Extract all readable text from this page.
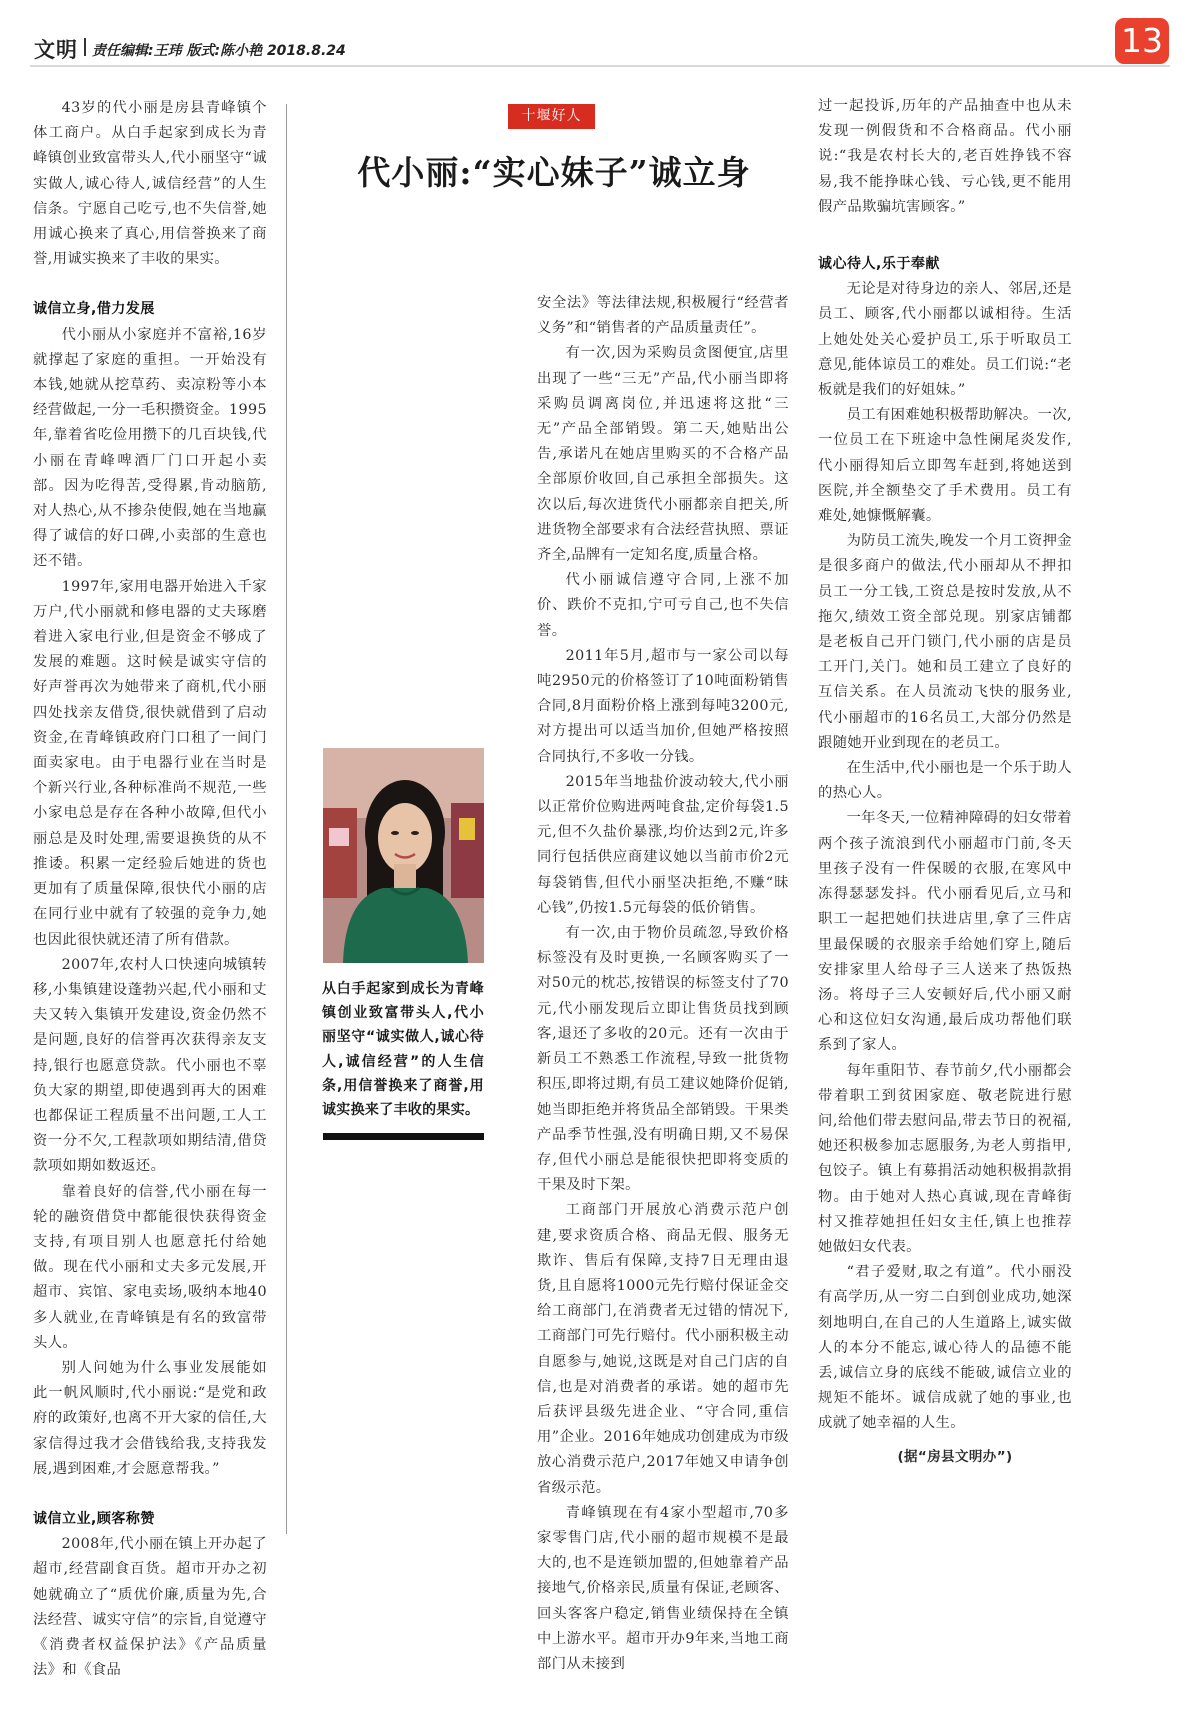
文明 责任编辑:王玮 版式:陈小艳 2018.8.24	13

43岁的代小丽是房县青峰镇个体工商户。从白手起家到成长为青峰镇创业致富带头人,代小丽坚守“诚实做人,诚心待人,诚信经营”的人生信条。宁愿自己吃亏,也不失信誉,她用诚心换来了真心,用信誉换来了商誉,用诚实换来了丰收的果实。

诚信立身,借力发展

代小丽从小家庭并不富裕,16岁就撑起了家庭的重担。一开始没有本钱,她就从挖草药、卖凉粉等小本经营做起,一分一毛积攒资金。1995年,靠着省吃俭用攒下的几百块钱,代小丽在青峰啤酒厂门口开起小卖部。因为吃得苦,受得累,肯动脑筋,对人热心,从不掺杂使假,她在当地赢得了诚信的好口碑,小卖部的生意也还不错。

1997年,家用电器开始进入千家万户,代小丽就和修电器的丈夫琢磨着进入家电行业,但是资金不够成了发展的难题。这时候是诚实守信的好声誉再次为她带来了商机,代小丽四处找亲友借贷,很快就借到了启动资金,在青峰镇政府门口租了一间门面卖家电。由于电器行业在当时是个新兴行业,各种标准尚不规范,一些小家电总是存在各种小故障,但代小丽总是及时处理,需要退换货的从不推诿。积累一定经验后她进的货也更加有了质量保障,很快代小丽的店在同行业中就有了较强的竞争力,她也因此很快就还清了所有借款。

2007年,农村人口快速向城镇转移,小集镇建设蓬勃兴起,代小丽和丈夫又转入集镇开发建设,资金仍然不是问题,良好的信誉再次获得亲友支持,银行也愿意贷款。代小丽也不辜负大家的期望,即使遇到再大的困难也都保证工程质量不出问题,工人工资一分不欠,工程款项如期结清,借贷款项如期如数返还。

靠着良好的信誉,代小丽在每一轮的融资借贷中都能很快获得资金支持,有项目别人也愿意托付给她做。现在代小丽和丈夫多元发展,开超市、宾馆、家电卖场,吸纳本地40多人就业,在青峰镇是有名的致富带头人。

别人问她为什么事业发展能如此一帆风顺时,代小丽说:“是党和政府的政策好,也离不开大家的信任,大家信得过我才会借钱给我,支持我发展,遇到困难,才会愿意帮我。”

诚信立业,顾客称赞

2008年,代小丽在镇上开办起了超市,经营副食百货。超市开办之初她就确立了“质优价廉,质量为先,合法经营、诚实守信”的宗旨,自觉遵守《消费者权益保护法》《产品质量法》和《食品

十堰好人
代小丽:“实心妹子”诚立身
从白手起家到成长为青峰镇创业致富带头人,代小丽坚守“诚实做人,诚心待人,诚信经营”的人生信条,用信誉换来了商誉,用诚实换来了丰收的果实。

安全法》等法律法规,积极履行“经营者义务”和“销售者的产品质量责任”。

有一次,因为采购员贪图便宜,店里出现了一些“三无”产品,代小丽当即将采购员调离岗位,并迅速将这批“三无”产品全部销毁。第二天,她贴出公告,承诺凡在她店里购买的不合格产品全部原价收回,自己承担全部损失。这次以后,每次进货代小丽都亲自把关,所进货物全部要求有合法经营执照、票证齐全,品牌有一定知名度,质量合格。

代小丽诚信遵守合同,上涨不加价、跌价不克扣,宁可亏自己,也不失信誉。

2011年5月,超市与一家公司以每吨2950元的价格签订了10吨面粉销售合同,8月面粉价格上涨到每吨3200元,对方提出可以适当加价,但她严格按照合同执行,不多收一分钱。

2015年当地盐价波动较大,代小丽以正常价位购进两吨食盐,定价每袋1.5元,但不久盐价暴涨,均价达到2元,许多同行包括供应商建议她以当前市价2元每袋销售,但代小丽坚决拒绝,不赚“昧心钱”,仍按1.5元每袋的低价销售。

有一次,由于物价员疏忽,导致价格标签没有及时更换,一名顾客购买了一对50元的枕芯,按错误的标签支付了70元,代小丽发现后立即让售货员找到顾客,退还了多收的20元。还有一次由于新员工不熟悉工作流程,导致一批货物积压,即将过期,有员工建议她降价促销,她当即拒绝并将货品全部销毁。干果类产品季节性强,没有明确日期,又不易保存,但代小丽总是能很快把即将变质的干果及时下架。

工商部门开展放心消费示范户创建,要求资质合格、商品无假、服务无欺诈、售后有保障,支持7日无理由退货,且自愿将1000元先行赔付保证金交给工商部门,在消费者无过错的情况下,工商部门可先行赔付。代小丽积极主动自愿参与,她说,这既是对自己门店的自信,也是对消费者的承诺。她的超市先后获评县级先进企业、“守合同,重信用”企业。2016年她成功创建成为市级放心消费示范户,2017年她又申请争创省级示范。

青峰镇现在有4家小型超市,70多家零售门店,代小丽的超市规模不是最大的,也不是连锁加盟的,但她靠着产品接地气,价格亲民,质量有保证,老顾客、回头客客户稳定,销售业绩保持在全镇中上游水平。超市开办9年来,当地工商部门从未接到

过一起投诉,历年的产品抽查中也从未发现一例假货和不合格商品。代小丽说:“我是农村长大的,老百姓挣钱不容易,我不能挣昧心钱、亏心钱,更不能用假产品欺骗坑害顾客。”

诚心待人,乐于奉献

无论是对待身边的亲人、邻居,还是员工、顾客,代小丽都以诚相待。生活上她处处关心爱护员工,乐于听取员工意见,能体谅员工的难处。员工们说:“老板就是我们的好姐妹。”

员工有困难她积极帮助解决。一次,一位员工在下班途中急性阑尾炎发作,代小丽得知后立即驾车赶到,将她送到医院,并全额垫交了手术费用。员工有难处,她慷慨解囊。

为防员工流失,晚发一个月工资押金是很多商户的做法,代小丽却从不押扣员工一分工钱,工资总是按时发放,从不拖欠,绩效工资全部兑现。别家店铺都是老板自己开门锁门,代小丽的店是员工开门,关门。她和员工建立了良好的互信关系。在人员流动飞快的服务业,代小丽超市的16名员工,大部分仍然是跟随她开业到现在的老员工。

在生活中,代小丽也是一个乐于助人的热心人。

一年冬天,一位精神障碍的妇女带着两个孩子流浪到代小丽超市门前,冬天里孩子没有一件保暖的衣服,在寒风中冻得瑟瑟发抖。代小丽看见后,立马和职工一起把她们扶进店里,拿了三件店里最保暖的衣服亲手给她们穿上,随后安排家里人给母子三人送来了热饭热汤。将母子三人安顿好后,代小丽又耐心和这位妇女沟通,最后成功帮他们联系到了家人。

每年重阳节、春节前夕,代小丽都会带着职工到贫困家庭、敬老院进行慰问,给他们带去慰问品,带去节日的祝福,她还积极参加志愿服务,为老人剪指甲,包饺子。镇上有募捐活动她积极捐款捐物。由于她对人热心真诚,现在青峰街村又推荐她担任妇女主任,镇上也推荐她做妇女代表。

“君子爱财,取之有道”。代小丽没有高学历,从一穷二白到创业成功,她深刻地明白,在自己的人生道路上,诚实做人的本分不能忘,诚心待人的品德不能丢,诚信立身的底线不能破,诚信立业的规矩不能坏。诚信成就了她的事业,也成就了她幸福的人生。

(据“房县文明办”)
